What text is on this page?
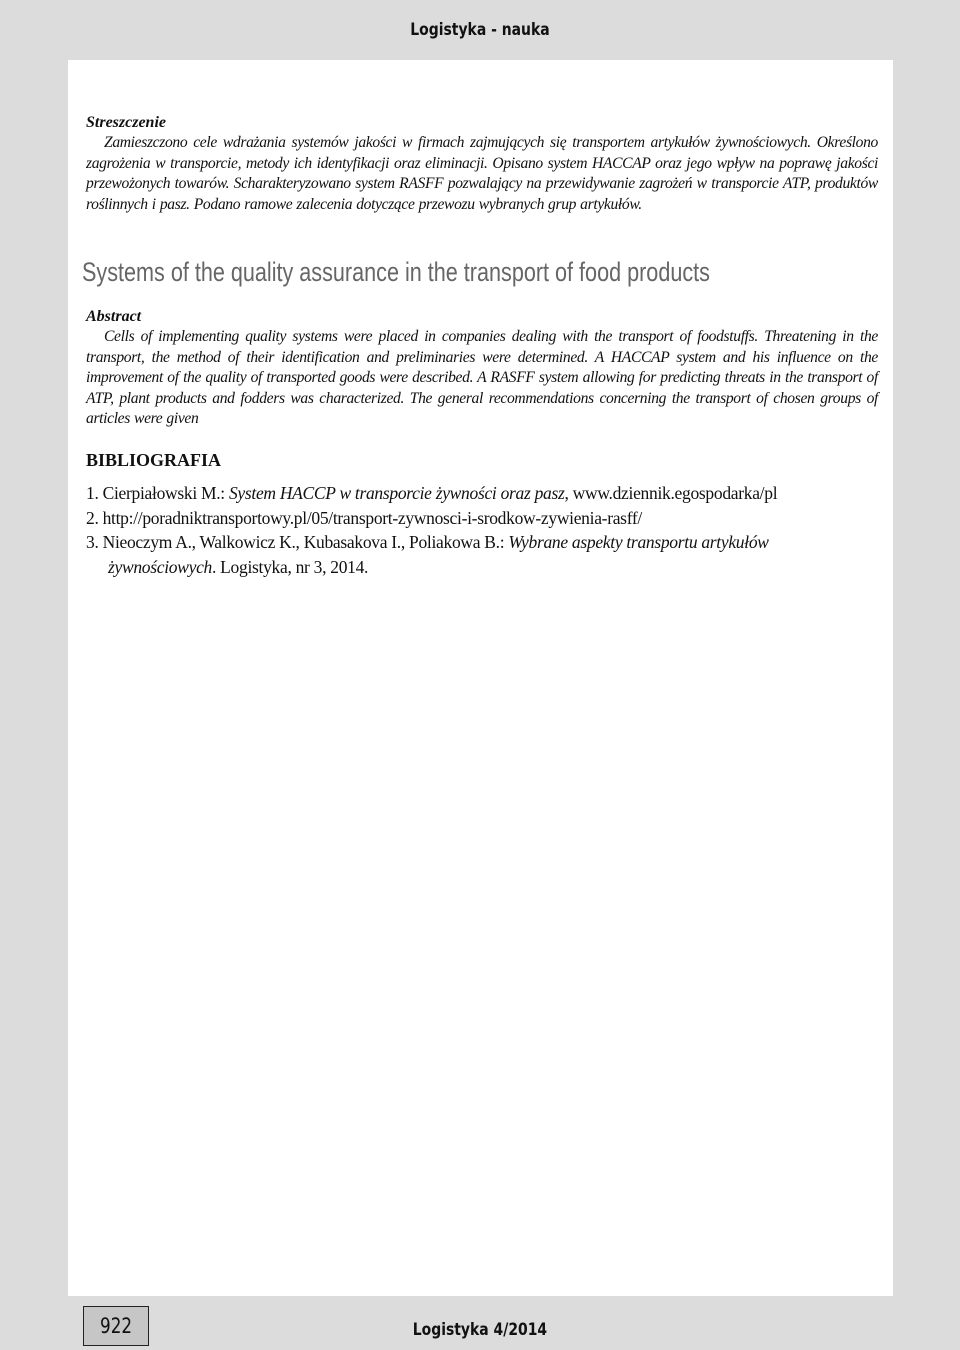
Logistyka - nauka
Streszczenie
Zamieszczono cele wdrażania systemów jakości w firmach zajmujących się transportem artykułów żywnościowych. Określono zagrożenia w transporcie, metody ich identyfikacji oraz eliminacji. Opisano system HACCAP oraz jego wpływ na poprawę jakości przewożonych towarów. Scharakteryzowano system RASFF pozwalający na przewidywanie zagrożeń w transporcie ATP, produktów roślinnych i pasz. Podano ramowe zalecenia dotyczące przewozu wybranych grup artykułów.
Systems of the quality assurance in the transport of food products
Abstract
Cells of implementing quality systems were placed in companies dealing with the transport of foodstuffs. Threatening in the transport, the method of their identification and preliminaries were determined. A HACCAP system and his influence on the improvement of the quality of transported goods were described. A RASFF system allowing for predicting threats in the transport of ATP, plant products and fodders was characterized. The general recommendations concerning the transport of chosen groups of articles were given
BIBLIOGRAFIA
1. Cierpiałowski M.: System HACCP w transporcie żywności oraz pasz, www.dziennik.egospodarka/pl
2. http://poradniktransportowy.pl/05/transport-zywnosci-i-srodkow-zywienia-rasff/
3. Nieoczym A., Walkowicz K., Kubasakova I., Poliakowa B.: Wybrane aspekty transportu artykułów żywnościowych. Logistyka, nr 3, 2014.
922	Logistyka 4/2014
